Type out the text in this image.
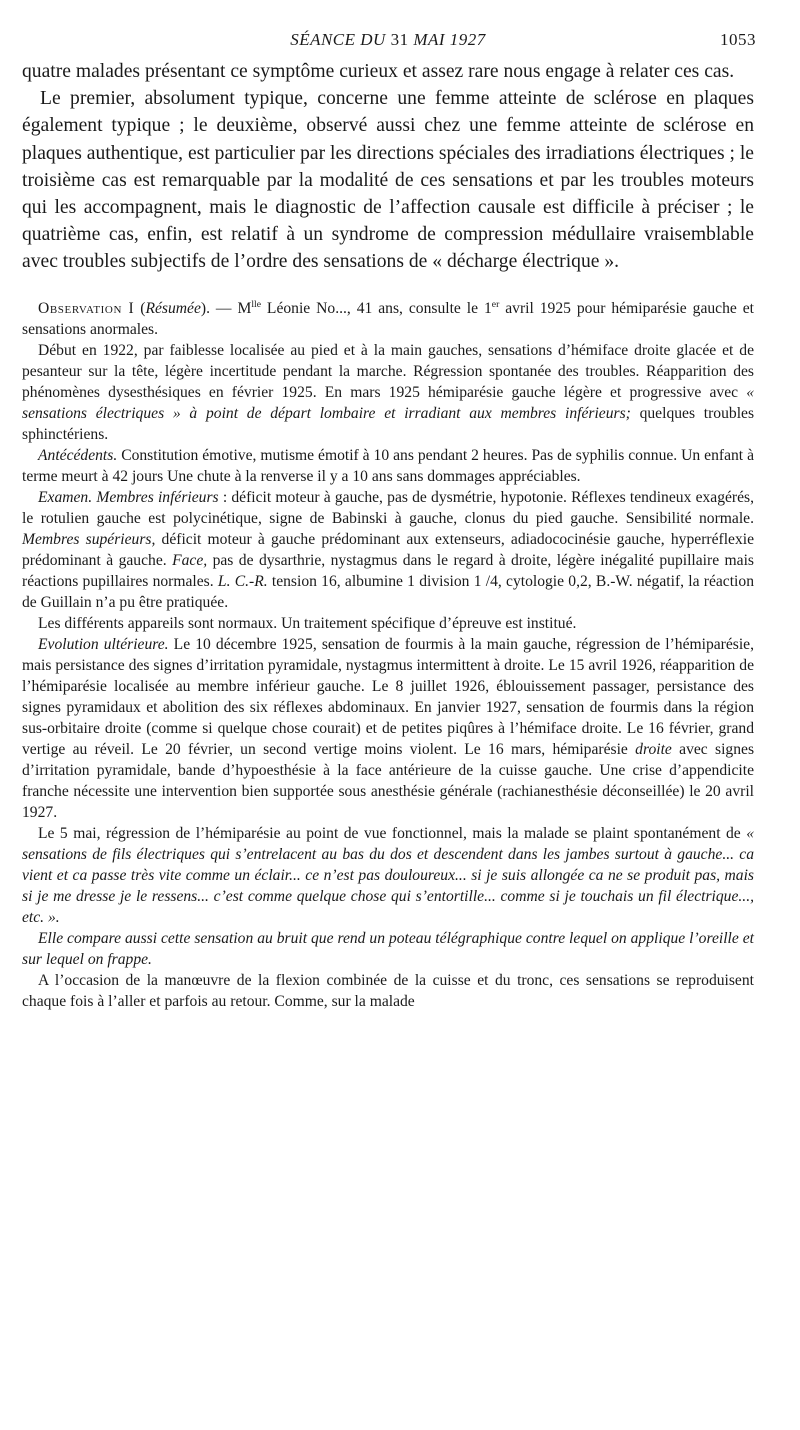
SÉANCE DU 31 MAI 1927	1053

quatre malades présentant ce symptôme curieux et assez rare nous engage à relater ces cas.

Le premier, absolument typique, concerne une femme atteinte de sclérose en plaques également typique ; le deuxième, observé aussi chez une femme atteinte de sclérose en plaques authentique, est particulier par les directions spéciales des irradiations électriques ; le troisième cas est remarquable par la modalité de ces sensations et par les troubles moteurs qui les accompagnent, mais le diagnostic de l’affection causale est difficile à préciser ; le quatrième cas, enfin, est relatif à un syndrome de compression médullaire vraisemblable avec troubles subjectifs de l’ordre des sensations de « décharge électrique ».

Observation I (Résumée). — $M^{lle}$ Léonie No..., 41 ans, consulte le 1er avril 1925 pour hémiparésie gauche et sensations anormales.

Début en 1922, par faiblesse localisée au pied et à la main gauches, sensations d’hémiface droite glacée et de pesanteur sur la tête, légère incertitude pendant la marche. Régression spontanée des troubles. Réapparition des phénomènes dysesthésiques en février 1925. En mars 1925 hémiparésie gauche légère et progressive avec « sensations électriques » à point de départ lombaire et irradiant aux membres inférieurs; quelques troubles sphinctériens.

Antécédents. Constitution émotive, mutisme émotif à 10 ans pendant 2 heures. Pas de syphilis connue. Un enfant à terme meurt à 42 jours Une chute à la renverse il y a 10 ans sans dommages appréciables.

Examen. Membres inférieurs : déficit moteur à gauche, pas de dysmétrie, hypotonie. Réflexes tendineux exagérés, le rotulien gauche est polycinétique, signe de Babinski à gauche, clonus du pied gauche. Sensibilité normale. Membres supérieurs, déficit moteur à gauche prédominant aux extenseurs, adiadococinésie gauche, hyperréflexie prédominant à gauche. Face, pas de dysarthrie, nystagmus dans le regard à droite, légère inégalité pupillaire mais réactions pupillaires normales. L. C.-R. tension 16, albumine 1 division 1 /4, cytologie 0,2, B.-W. négatif, la réaction de Guillain n’a pu être pratiquée.

Les différents appareils sont normaux. Un traitement spécifique d’épreuve est institué.

Evolution ultérieure. Le 10 décembre 1925, sensation de fourmis à la main gauche, régression de l’hémiparésie, mais persistance des signes d’irritation pyramidale, nystagmus intermittent à droite. Le 15 avril 1926, réapparition de l’hémiparésie localisée au membre inférieur gauche. Le 8 juillet 1926, éblouissement passager, persistance des signes pyramidaux et abolition des six réflexes abdominaux. En janvier 1927, sensation de fourmis dans la région sus-orbitaire droite (comme si quelque chose courait) et de petites piqûres à l’hémiface droite. Le 16 février, grand vertige au réveil. Le 20 février, un second vertige moins violent. Le 16 mars, hémiparésie droite avec signes d’irritation pyramidale, bande d’hypoesthésie à la face antérieure de la cuisse gauche. Une crise d’appendicite franche nécessite une intervention bien supportée sous anesthésie générale (rachianesthésie déconseillée) le 20 avril 1927.

Le 5 mai, régression de l’hémiparésie au point de vue fonctionnel, mais la malade se plaint spontanément de « sensations de fils électriques qui s’entrelacent au bas du dos et descendent dans les jambes surtout à gauche... ca vient et ca passe très vite comme un éclair... ce n’est pas douloureux... si je suis allongée ca ne se produit pas, mais si je me dresse je le ressens... c’est comme quelque chose qui s’entortille... comme si je touchais un fil électrique..., etc. ».

Elle compare aussi cette sensation au bruit que rend un poteau télégraphique contre lequel on applique l’oreille et sur lequel on frappe.

A l’occasion de la manœuvre de la flexion combinée de la cuisse et du tronc, ces sensations se reproduisent chaque fois à l’aller et parfois au retour. Comme, sur la malade
